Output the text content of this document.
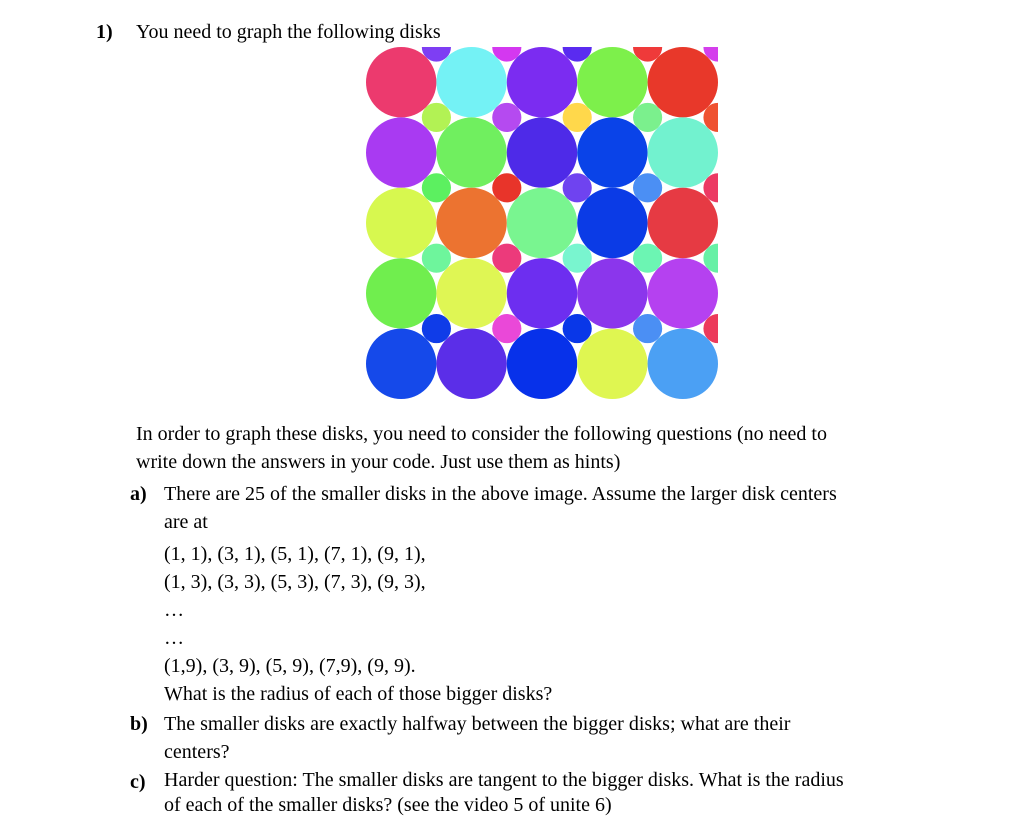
1) You need to graph the following disks

In order to graph these disks, you need to consider the following questions (no need to

write down the answers in your code. Just use them as hints)

a) There are 25 of the smaller disks in the above image. Assume the larger disk centers
are at
(1, 1), (3, 1), (5, 1), (7, 1), (9, 1),
(1, 3), (3, 3), (5, 3), (7, 3), (9, 3),
…
…
(1,9), (3, 9), (5, 9), (7,9), (9, 9).
What is the radius of each of those bigger disks?
b) The smaller disks are exactly halfway between the bigger disks; what are their
centers?
c) Harder question: The smaller disks are tangent to the bigger disks. What is the radius
of each of the smaller disks? (see the video 5 of unite 6)
